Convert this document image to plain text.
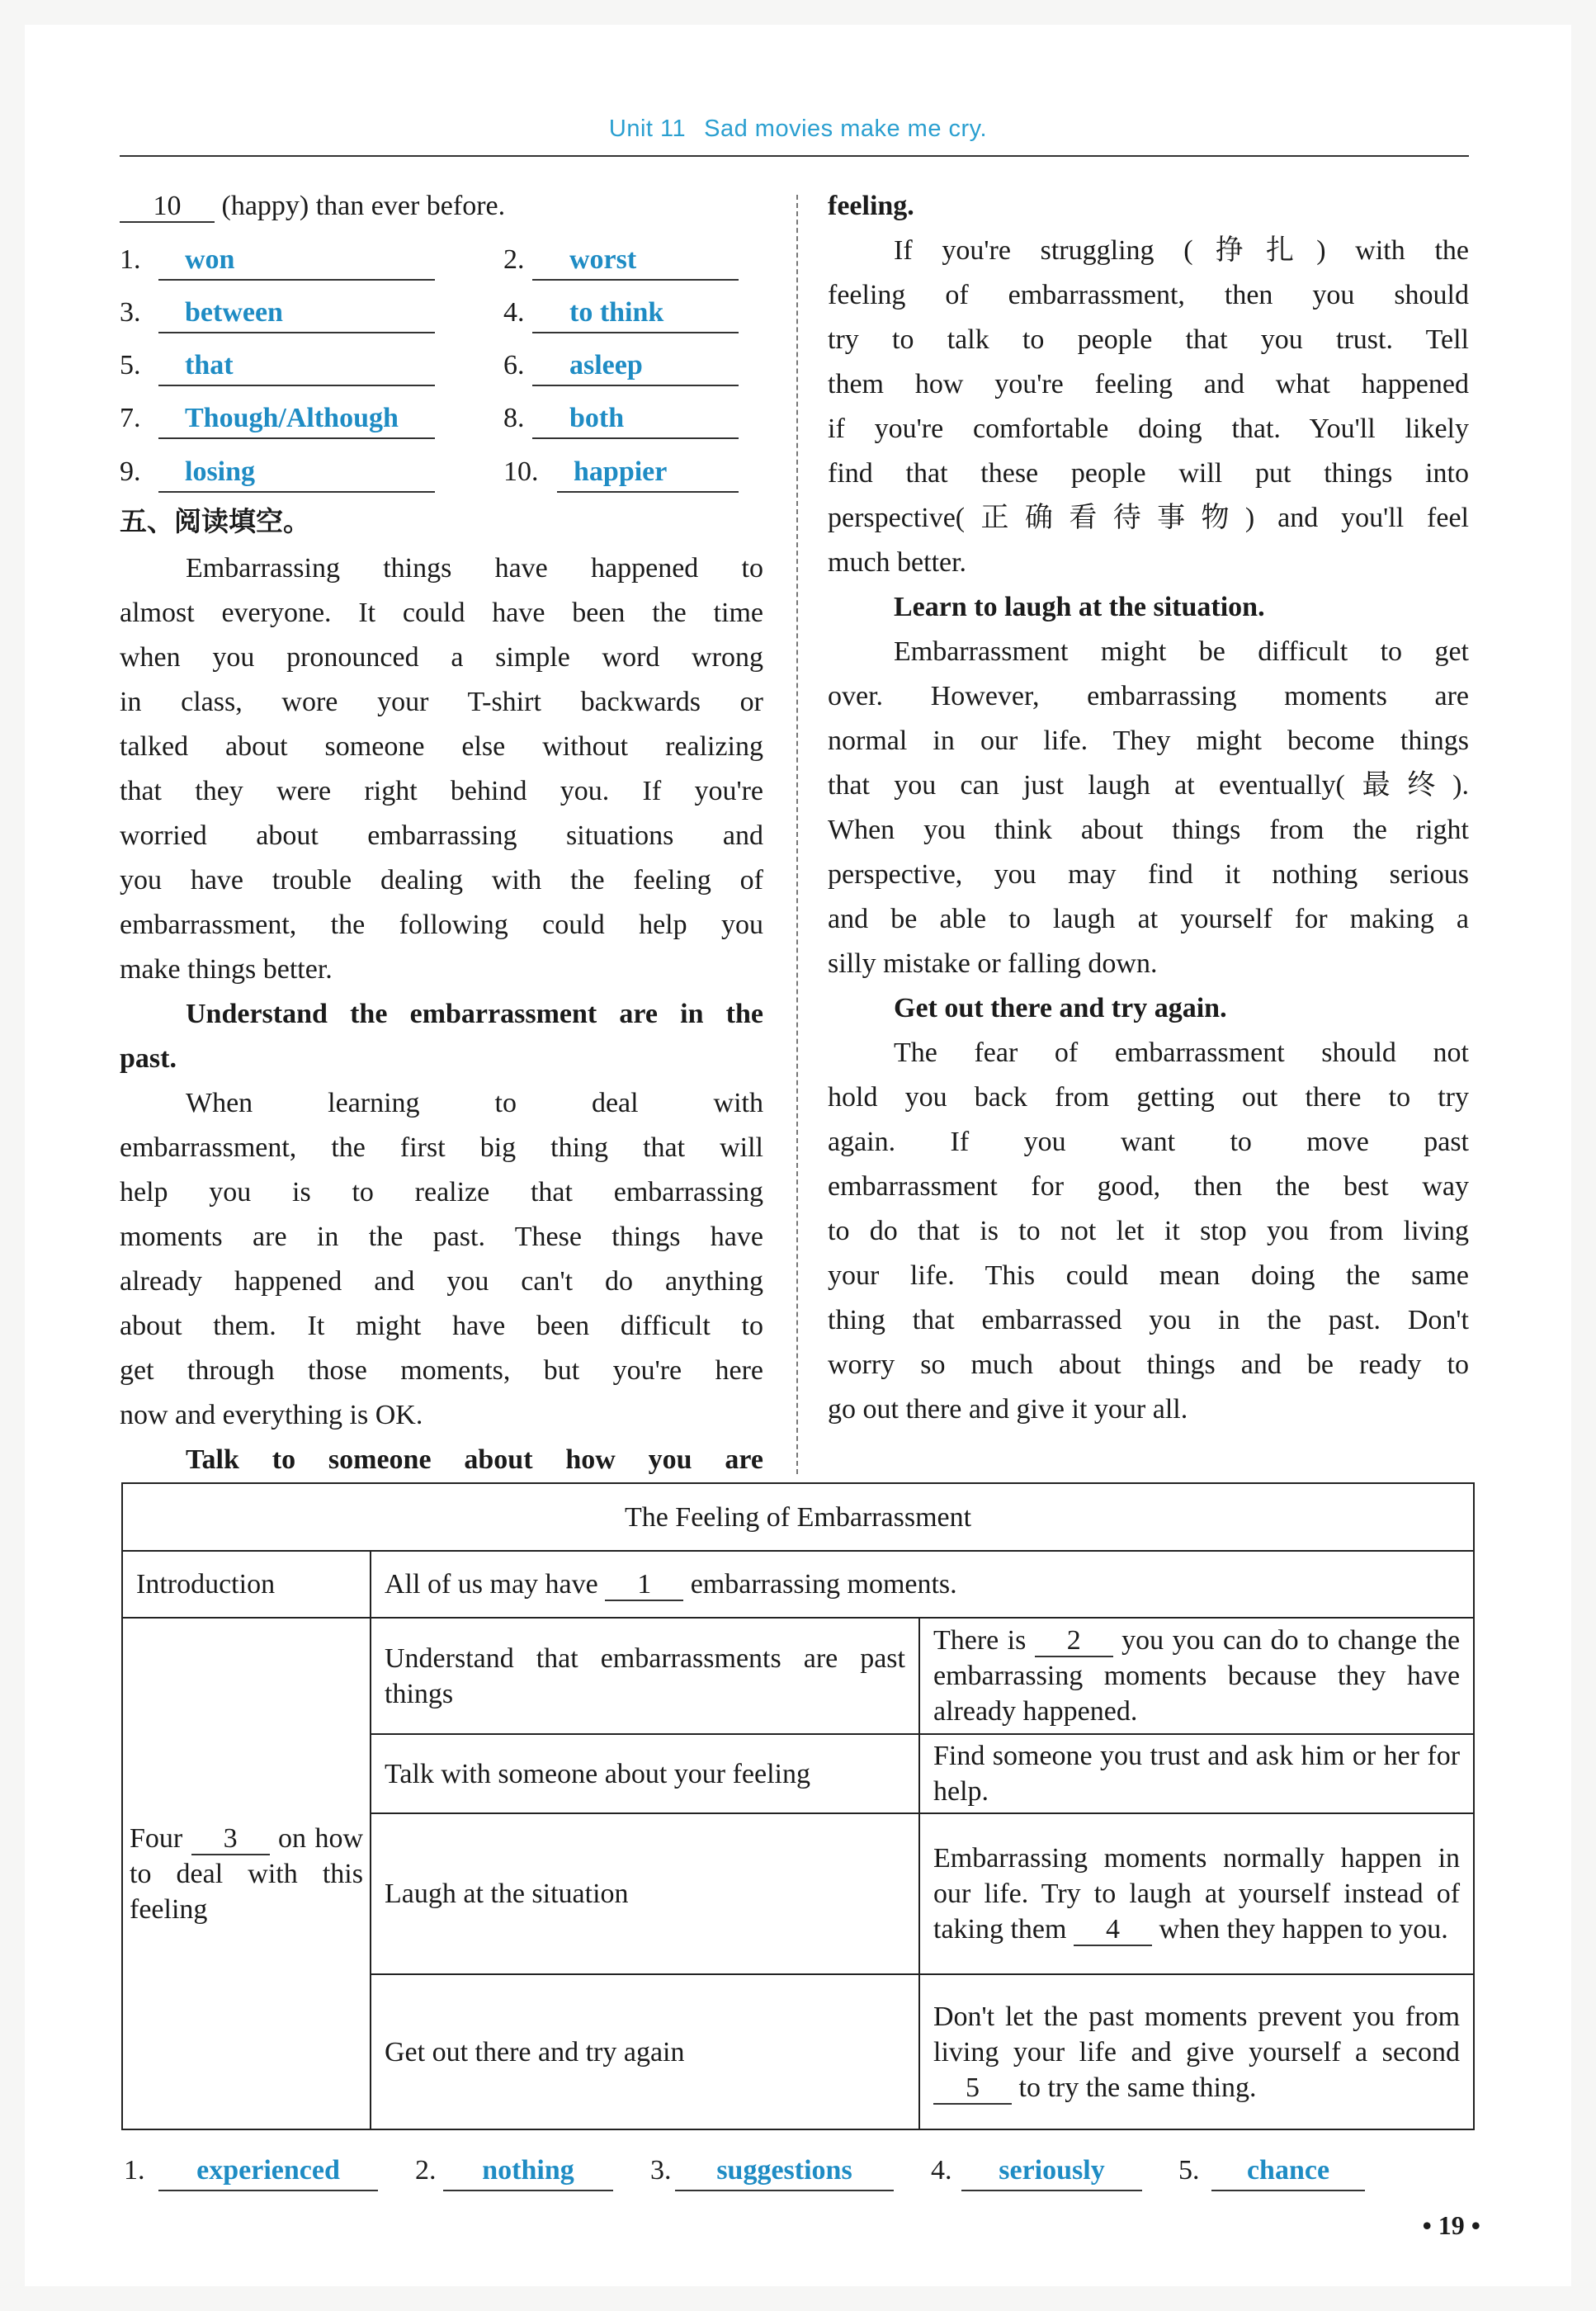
Unit 11 Sad movies make me cry.
10 (happy) than ever before.
1. won	2. worst
3. between	4. to think
5. that	6. asleep
7. Though/Although	8. both
9. losing	10. happier
五、阅读填空。
Embarrassing things have happened to
almost everyone. It could have been the time
when you pronounced a simple word wrong
in class, wore your T-shirt backwards or
talked about someone else without realizing
that they were right behind you. If you're
worried about embarrassing situations and
you have trouble dealing with the feeling of
embarrassment, the following could help you
make things better.
Understand the embarrassment are in the
past.
When learning to deal with
embarrassment, the first big thing that will
help you is to realize that embarrassing
moments are in the past. These things have
already happened and you can't do anything
about them. It might have been difficult to
get through those moments, but you're here
now and everything is OK.
Talk to someone about how you are
feeling.
If you're struggling (挣扎) with the
feeling of embarrassment, then you should
try to talk to people that you trust. Tell
them how you're feeling and what happened
if you're comfortable doing that. You'll likely
find that these people will put things into
perspective(正确看待事物) and you'll feel
much better.
Learn to laugh at the situation.
Embarrassment might be difficult to get
over. However, embarrassing moments are
normal in our life. They might become things
that you can just laugh at eventually(最终).
When you think about things from the right
perspective, you may find it nothing serious
and be able to laugh at yourself for making a
silly mistake or falling down.
Get out there and try again.
The fear of embarrassment should not
hold you back from getting out there to try
again. If you want to move past
embarrassment for good, then the best way
to do that is to not let it stop you from living
your life. This could mean doing the same
thing that embarrassed you in the past. Don't
worry so much about things and be ready to
go out there and give it your all.
The Feeling of Embarrassment		
Introduction	All of us may have 1 embarrassing moments.	
Four 3 on how to deal with this feeling	Understand that embarrassments are past things	There is 2 you you can do to change the embarrassing moments because they have already happened.
	Talk with someone about your feeling	Find someone you trust and ask him or her for help.
	Laugh at the situation	Embarrassing moments normally happen in our life. Try to laugh at yourself instead of taking them 4 when they happen to you.
	Get out there and try again	Don't let the past moments prevent you from living your life and give yourself a second 5 to try the same thing.
1. experienced	2. nothing	3. suggestions	4. seriously	5. chance
• 19 •
